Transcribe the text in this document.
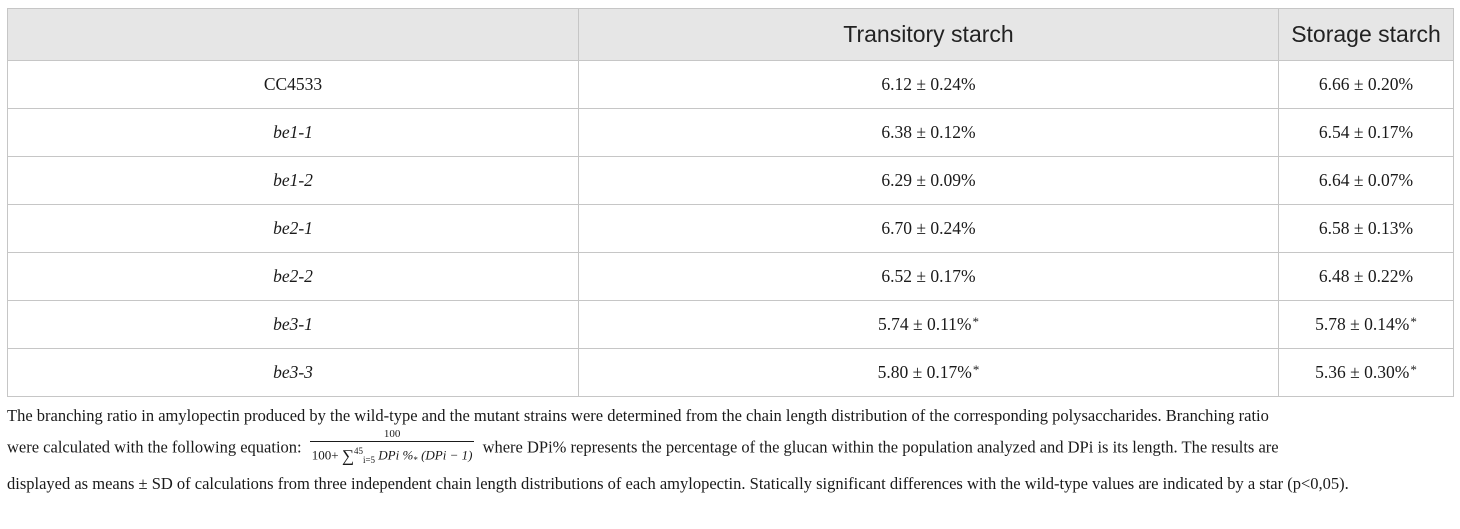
	Transitory starch	Storage starch
CC4533	6.12 ± 0.24%	6.66 ± 0.20%
be1-1	6.38 ± 0.12%	6.54 ± 0.17%
be1-2	6.29 ± 0.09%	6.64 ± 0.07%
be2-1	6.70 ± 0.24%	6.58 ± 0.13%
be2-2	6.52 ± 0.17%	6.48 ± 0.22%
be3-1	5.74 ± 0.11%*	5.78 ± 0.14%*
be3-3	5.80 ± 0.17%*	5.36 ± 0.30%*
The branching ratio in amylopectin produced by the wild-type and the mutant strains were determined from the chain length distribution of the corresponding polysaccharides. Branching ratio
were calculated with the following equation: $\frac{100}{100+ \sum^{45}_{i=5} DPi \%_* (DPi - 1)}$ where DPi% represents the percentage of the glucan within the population analyzed and DPi is its length. The results are
displayed as means ± SD of calculations from three independent chain length distributions of each amylopectin. Statically significant differences with the wild-type values are indicated by a star (p<0,05).
